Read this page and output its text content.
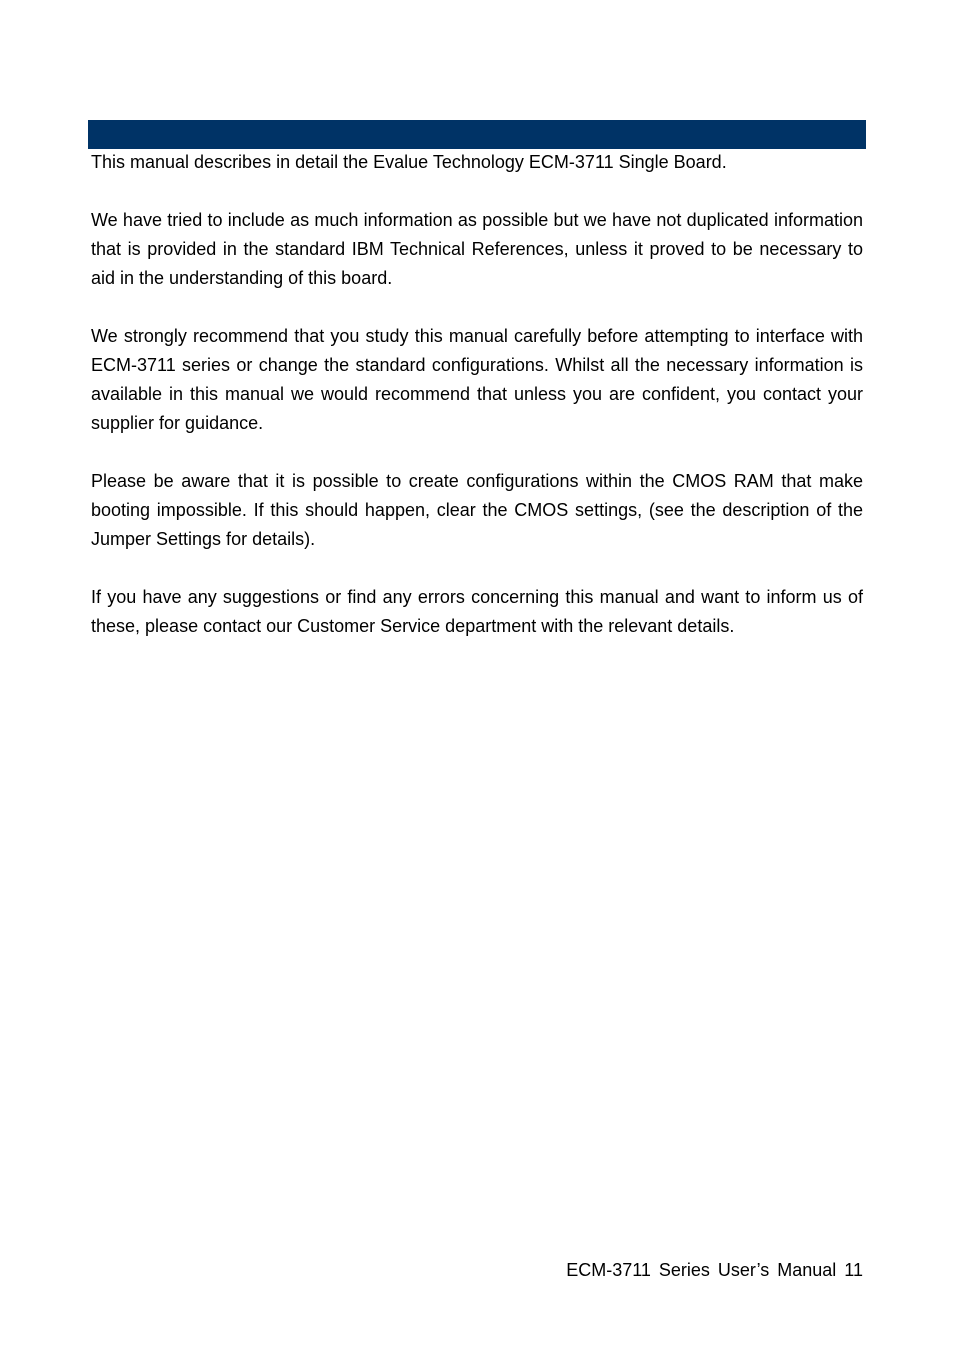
This manual describes in detail the Evalue Technology ECM-3711 Single Board.

We have tried to include as much information as possible but we have not duplicated information that is provided in the standard IBM Technical References, unless it proved to be necessary to aid in the understanding of this board.

We strongly recommend that you study this manual carefully before attempting to interface with ECM-3711 series or change the standard configurations. Whilst all the necessary information is available in this manual we would recommend that unless you are confident, you contact your supplier for guidance.

Please be aware that it is possible to create configurations within the CMOS RAM that make booting impossible. If this should happen, clear the CMOS settings, (see the description of the Jumper Settings for details).

If you have any suggestions or find any errors concerning this manual and want to inform us of these, please contact our Customer Service department with the relevant details.

ECM-3711 Series User’s Manual 11
